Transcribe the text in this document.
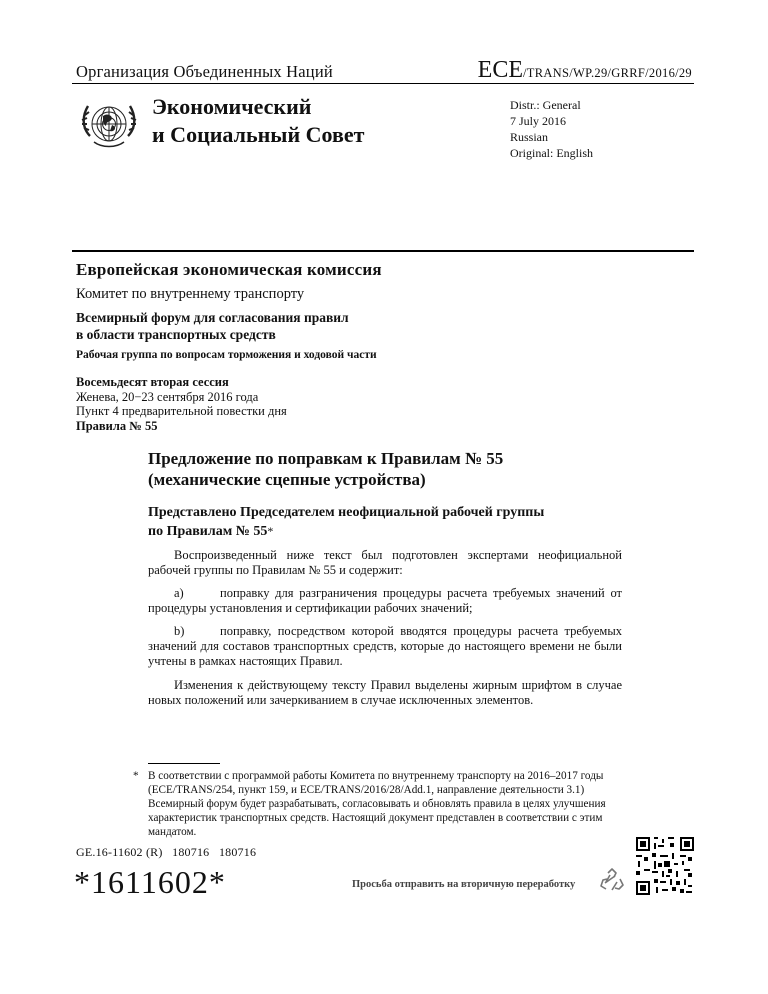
Организация Объединенных Наций	ECE/TRANS/WP.29/GRRF/2016/29
Экономический
и Социальный Совет
Distr.: General
7 July 2016
Russian
Original: English
Европейская экономическая комиссия
Комитет по внутреннему транспорту
Всемирный форум для согласования правил
в области транспортных средств
Рабочая группа по вопросам торможения и ходовой части
Восемьдесят вторая сессия
Женева, 20−23 сентября 2016 года
Пункт 4 предварительной повестки дня
Правила № 55
Предложение по поправкам к Правилам № 55
(механические сцепные устройства)
Представлено Председателем неофициальной рабочей группы
по Правилам № 55*
Воспроизведенный ниже текст был подготовлен экспертами неофициальной рабочей группы по Правилам № 55 и содержит:
a)	поправку для разграничения процедуры расчета требуемых значений от процедуры установления и сертификации рабочих значений;
b)	поправку, посредством которой вводятся процедуры расчета требуемых значений для составов транспортных средств, которые до настоящего времени не были учтены в рамках настоящих Правил.
Изменения к действующему тексту Правил выделены жирным шрифтом в случае новых положений или зачеркиванием в случае исключенных элементов.
* В соответствии с программой работы Комитета по внутреннему транспорту на 2016–2017 годы (ECE/TRANS/254, пункт 159, и ECE/TRANS/2016/28/Add.1, направление деятельности 3.1) Всемирный форум будет разрабатывать, согласовывать и обновлять правила в целях улучшения характеристик транспортных средств. Настоящий документ представлен в соответствии с этим мандатом.
GE.16-11602 (R)   180716   180716
*1611602*	Просьба отправить на вторичную переработку
